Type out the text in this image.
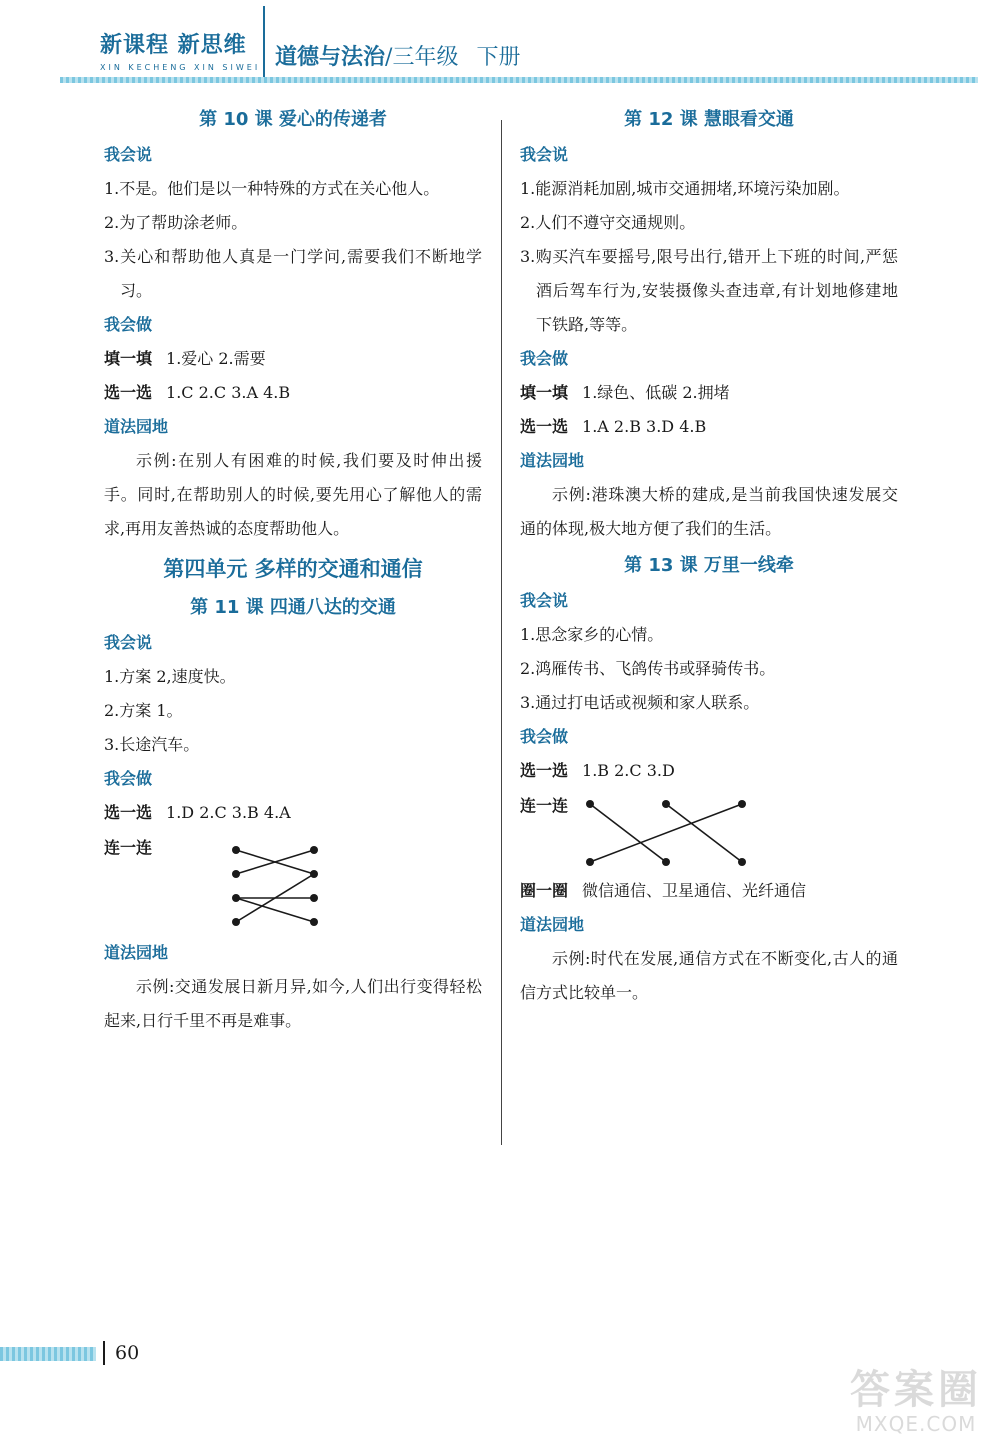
新课程 新思维
XIN KECHENG XIN SIWEI 道德与法治/三年级 下册
第 10 课 爱心的传递者
我会说
1.不是。他们是以一种特殊的方式在关心他人。
2.为了帮助涂老师。
3.关心和帮助他人真是一门学问,需要我们不断地学习。
我会做
填一填 1.爱心 2.需要
选一选 1.C 2.C 3.A 4.B
道法园地
示例:在别人有困难的时候,我们要及时伸出援手。同时,在帮助别人的时候,要先用心了解他人的需求,再用友善热诚的态度帮助他人。
第四单元 多样的交通和通信
第 11 课 四通八达的交通
我会说
1.方案 2,速度快。
2.方案 1。
3.长途汽车。
我会做
选一选 1.D 2.C 3.B 4.A
连一连
道法园地
示例:交通发展日新月异,如今,人们出行变得轻松起来,日行千里不再是难事。
第 12 课 慧眼看交通
我会说
1.能源消耗加剧,城市交通拥堵,环境污染加剧。
2.人们不遵守交通规则。
3.购买汽车要摇号,限号出行,错开上下班的时间,严惩酒后驾车行为,安装摄像头查违章,有计划地修建地下铁路,等等。
我会做
填一填 1.绿色、低碳 2.拥堵
选一选 1.A 2.B 3.D 4.B
道法园地
示例:港珠澳大桥的建成,是当前我国快速发展交通的体现,极大地方便了我们的生活。
第 13 课 万里一线牵
我会说
1.思念家乡的心情。
2.鸿雁传书、飞鸽传书或驿骑传书。
3.通过打电话或视频和家人联系。
我会做
选一选 1.B 2.C 3.D
连一连
圈一圈 微信通信、卫星通信、光纤通信
道法园地
示例:时代在发展,通信方式在不断变化,古人的通信方式比较单一。
60
答案圈
MXQE.COM
